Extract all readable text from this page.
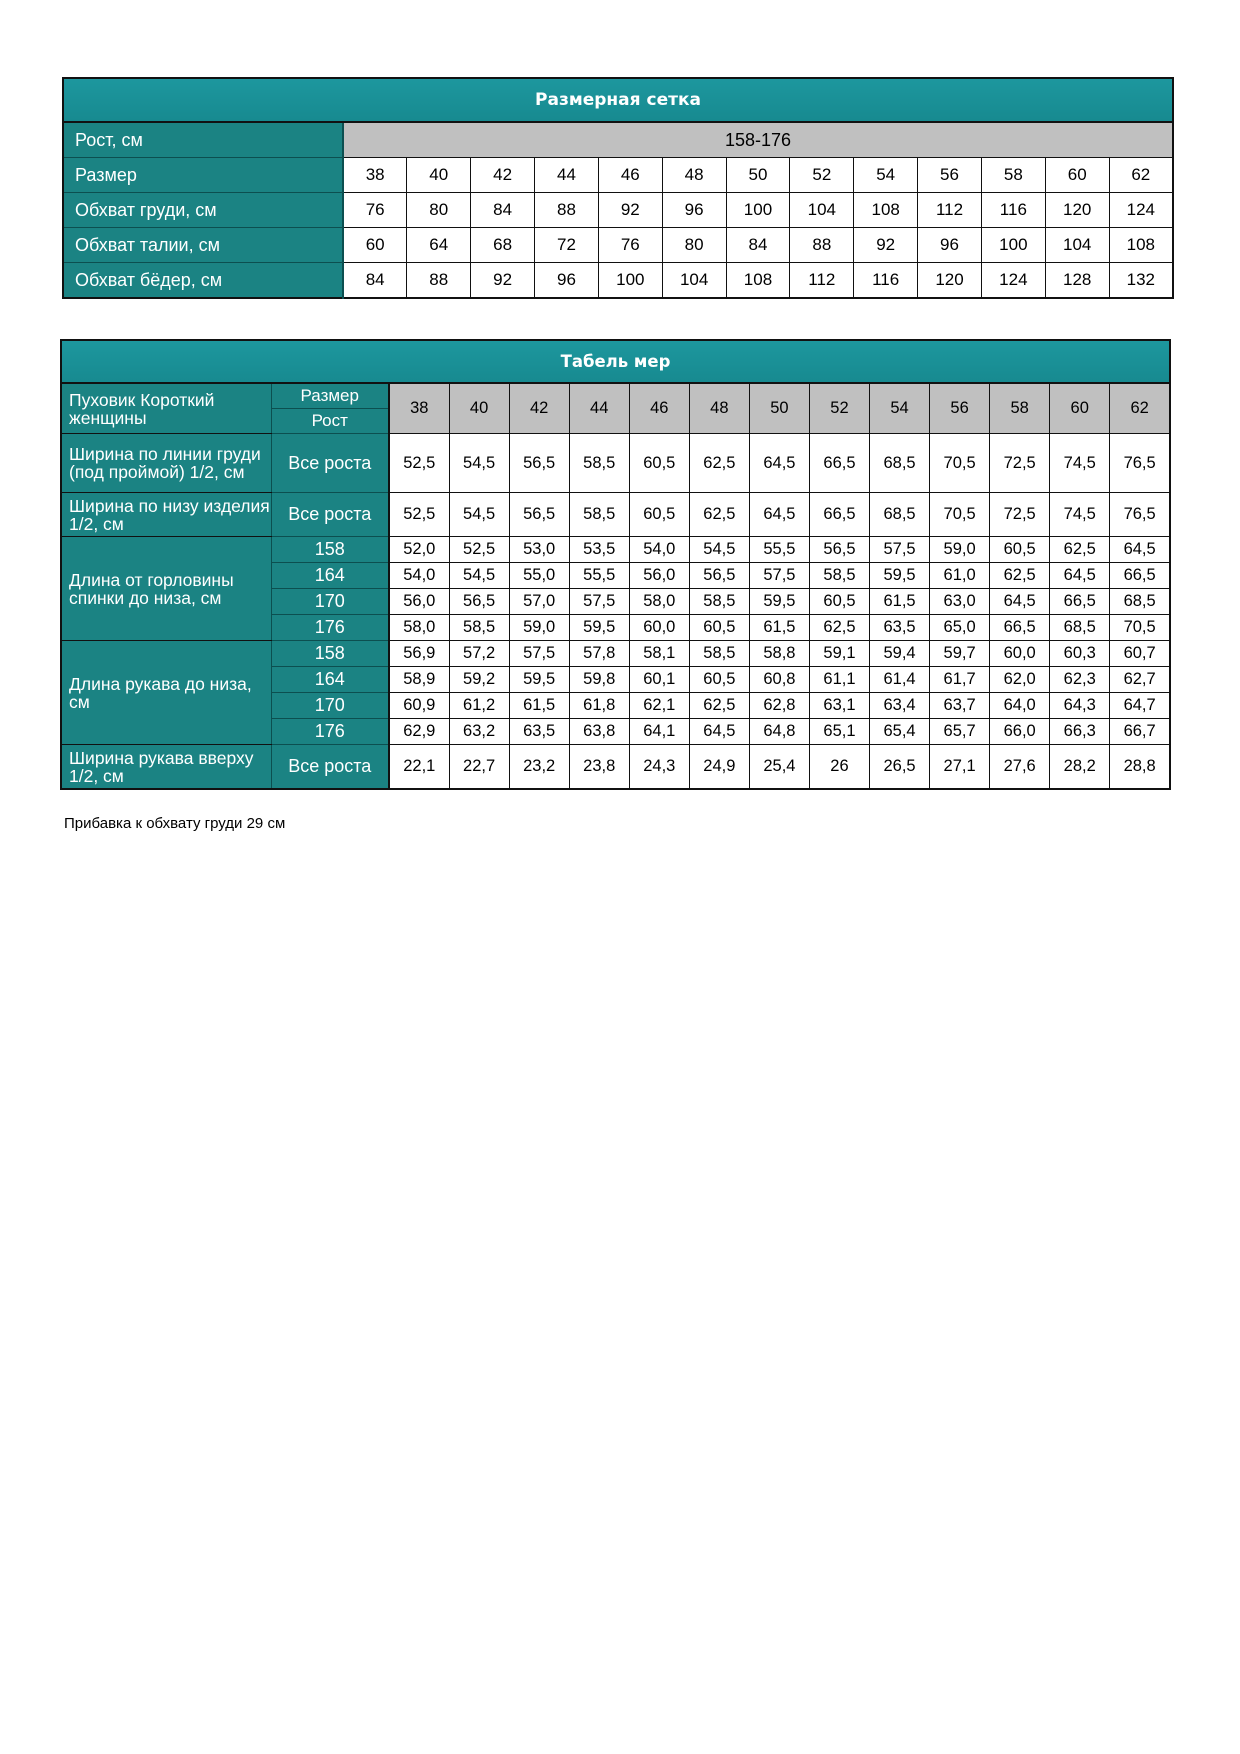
Размерная сетка													
Рост, см	158-176												
Размер	38	40	42	44	46	48	50	52	54	56	58	60	62
Обхват груди, см	76	80	84	88	92	96	100	104	108	112	116	120	124
Обхват талии, см	60	64	68	72	76	80	84	88	92	96	100	104	108
Обхват бёдер, см	84	88	92	96	100	104	108	112	116	120	124	128	132
Табель мер														
Пуховик Короткий женщины	Размер	38	40	42	44	46	48	50	52	54	56	58	60	62
	Рост													
Ширина по линии груди (под проймой) 1/2, см	Все роста	52,5	54,5	56,5	58,5	60,5	62,5	64,5	66,5	68,5	70,5	72,5	74,5	76,5
Ширина по низу изделия 1/2, см	Все роста	52,5	54,5	56,5	58,5	60,5	62,5	64,5	66,5	68,5	70,5	72,5	74,5	76,5
Длина от горловины спинки до низа, см	158	52,0	52,5	53,0	53,5	54,0	54,5	55,5	56,5	57,5	59,0	60,5	62,5	64,5
	164	54,0	54,5	55,0	55,5	56,0	56,5	57,5	58,5	59,5	61,0	62,5	64,5	66,5
	170	56,0	56,5	57,0	57,5	58,0	58,5	59,5	60,5	61,5	63,0	64,5	66,5	68,5
	176	58,0	58,5	59,0	59,5	60,0	60,5	61,5	62,5	63,5	65,0	66,5	68,5	70,5
Длина рукава до низа, см	158	56,9	57,2	57,5	57,8	58,1	58,5	58,8	59,1	59,4	59,7	60,0	60,3	60,7
	164	58,9	59,2	59,5	59,8	60,1	60,5	60,8	61,1	61,4	61,7	62,0	62,3	62,7
	170	60,9	61,2	61,5	61,8	62,1	62,5	62,8	63,1	63,4	63,7	64,0	64,3	64,7
	176	62,9	63,2	63,5	63,8	64,1	64,5	64,8	65,1	65,4	65,7	66,0	66,3	66,7
Ширина рукава вверху 1/2, см	Все роста	22,1	22,7	23,2	23,8	24,3	24,9	25,4	26	26,5	27,1	27,6	28,2	28,8
Прибавка к обхвату груди 29 см
